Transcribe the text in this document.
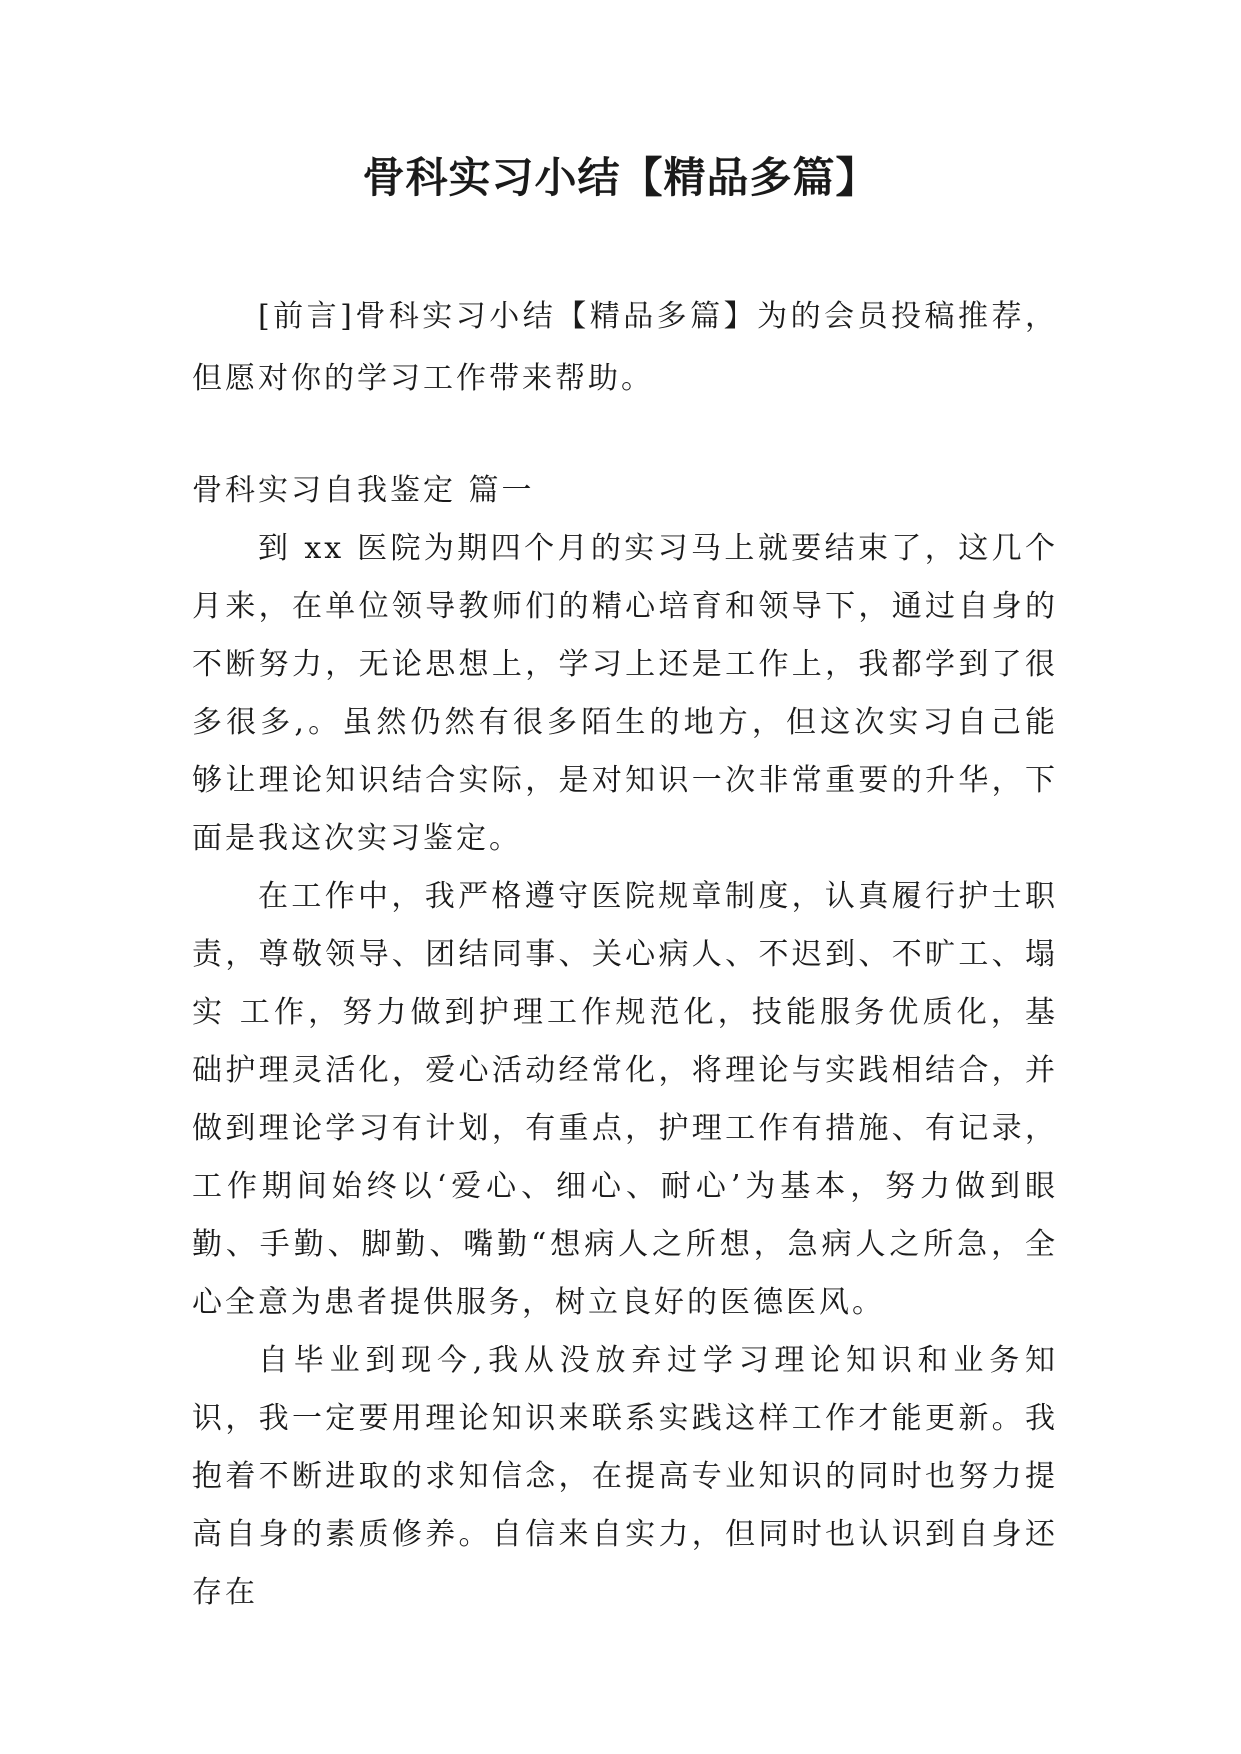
骨科实习小结【精品多篇】

[前言]骨科实习小结【精品多篇】为的会员投稿推荐，但愿对你的学习工作带来帮助。

骨科实习自我鉴定 篇一

到 xx 医院为期四个月的实习马上就要结束了，这几个月来，在单位领导教师们的精心培育和领导下，通过自身的不断努力，无论思想上，学习上还是工作上，我都学到了很多很多,。虽然仍然有很多陌生的地方，但这次实习自己能够让理论知识结合实际，是对知识一次非常重要的升华，下面是我这次实习鉴定。

在工作中，我严格遵守医院规章制度，认真履行护士职责，尊敬领导、团结同事、关心病人、不迟到、不旷工、塌实 工作，努力做到护理工作规范化，技能服务优质化，基础护理灵活化，爱心活动经常化，将理论与实践相结合，并做到理论学习有计划，有重点，护理工作有措施、有记录，工作期间始终以‘爱心、细心、耐心’为基本，努力做到眼勤、手勤、脚勤、嘴勤“想病人之所想，急病人之所急，全心全意为患者提供服务，树立良好的医德医风。

自毕业到现今,我从没放弃过学习理论知识和业务知识，我一定要用理论知识来联系实践这样工作才能更新。我抱着不断进取的求知信念，在提高专业知识的同时也努力提高自身的素质修养。自信来自实力，但同时也认识到自身还存在
